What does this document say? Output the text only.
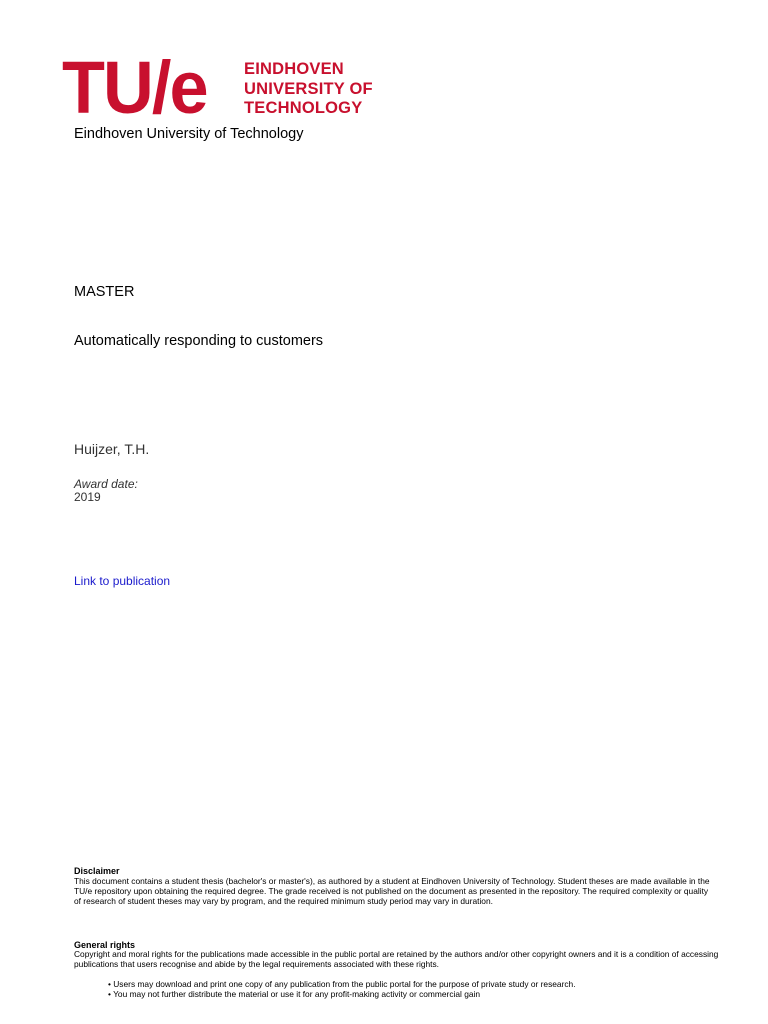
TU/e EINDHOVEN
UNIVERSITY OF
TECHNOLOGY
Eindhoven University of Technology
MASTER
Automatically responding to customers
Huijzer, T.H.
Award date:
2019
Link to publication
Disclaimer
This document contains a student thesis (bachelor's or master's), as authored by a student at Eindhoven University of Technology. Student theses are made available in the TU/e repository upon obtaining the required degree. The grade received is not published on the document as presented in the repository. The required complexity or quality of research of student theses may vary by program, and the required minimum study period may vary in duration.
General rights
Copyright and moral rights for the publications made accessible in the public portal are retained by the authors and/or other copyright owners and it is a condition of accessing publications that users recognise and abide by the legal requirements associated with these rights.
• Users may download and print one copy of any publication from the public portal for the purpose of private study or research.
• You may not further distribute the material or use it for any profit-making activity or commercial gain
